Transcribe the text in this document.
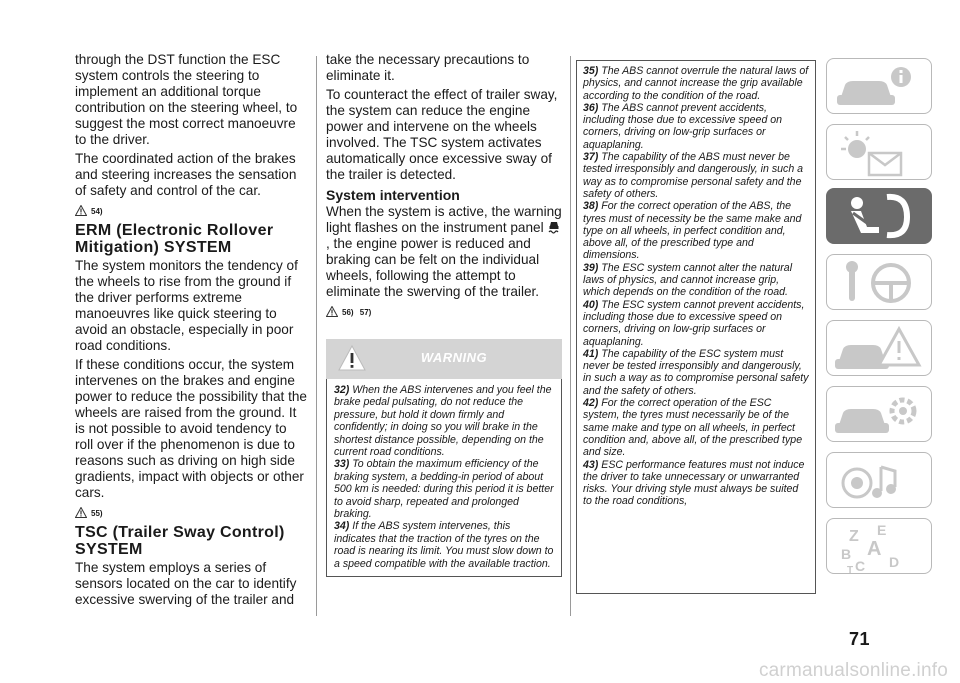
through the DST function the ESC system controls the steering to implement an additional torque contribution on the steering wheel, to suggest the most correct manoeuvre to the driver.

The coordinated action of the brakes and steering increases the sensation of safety and control of the car.

54)
ERM (Electronic Rollover Mitigation) SYSTEM

The system monitors the tendency of the wheels to rise from the ground if the driver performs extreme manoeuvres like quick steering to avoid an obstacle, especially in poor road conditions.

If these conditions occur, the system intervenes on the brakes and engine power to reduce the possibility that the wheels are raised from the ground. It is not possible to avoid tendency to roll over if the phenomenon is due to reasons such as driving on high side gradients, impact with objects or other cars.

55)
TSC (Trailer Sway Control) SYSTEM

The system employs a series of sensors located on the car to identify excessive swerving of the trailer and

take the necessary precautions to eliminate it.

To counteract the effect of trailer sway, the system can reduce the engine power and intervene on the wheels involved. The TSC system activates automatically once excessive sway of the trailer is detected.

System intervention

When the system is active, the warning light flashes on the instrument panel , the engine power is reduced and braking can be felt on the individual wheels, following the attempt to eliminate the swerving of the trailer.

56) 57)
WARNING

32) When the ABS intervenes and you feel the brake pedal pulsating, do not reduce the pressure, but hold it down firmly and confidently; in doing so you will brake in the shortest distance possible, depending on the current road conditions.

33) To obtain the maximum efficiency of the braking system, a bedding-in period of about 500 km is needed: during this period it is better to avoid sharp, repeated and prolonged braking.

34) If the ABS system intervenes, this indicates that the traction of the tyres on the road is nearing its limit. You must slow down to a speed compatible with the available traction.

35) The ABS cannot overrule the natural laws of physics, and cannot increase the grip available according to the condition of the road.

36) The ABS cannot prevent accidents, including those due to excessive speed on corners, driving on low-grip surfaces or aquaplaning.

37) The capability of the ABS must never be tested irresponsibly and dangerously, in such a way as to compromise personal safety and the safety of others.

38) For the correct operation of the ABS, the tyres must of necessity be the same make and type on all wheels, in perfect condition and, above all, of the prescribed type and dimensions.

39) The ESC system cannot alter the natural laws of physics, and cannot increase grip, which depends on the condition of the road.

40) The ESC system cannot prevent accidents, including those due to excessive speed on corners, driving on low-grip surfaces or aquaplaning.

41) The capability of the ESC system must never be tested irresponsibly and dangerously, in such a way as to compromise personal safety and the safety of others.

42) For the correct operation of the ESC system, the tyres must necessarily be of the same make and type on all wheels, in perfect condition and, above all, of the prescribed type and size.

43) ESC performance features must not induce the driver to take unnecessary or unwarranted risks. Your driving style must always be suited to the road conditions,

Z E
B A
C
T
D
71
carmanualsonline.info
